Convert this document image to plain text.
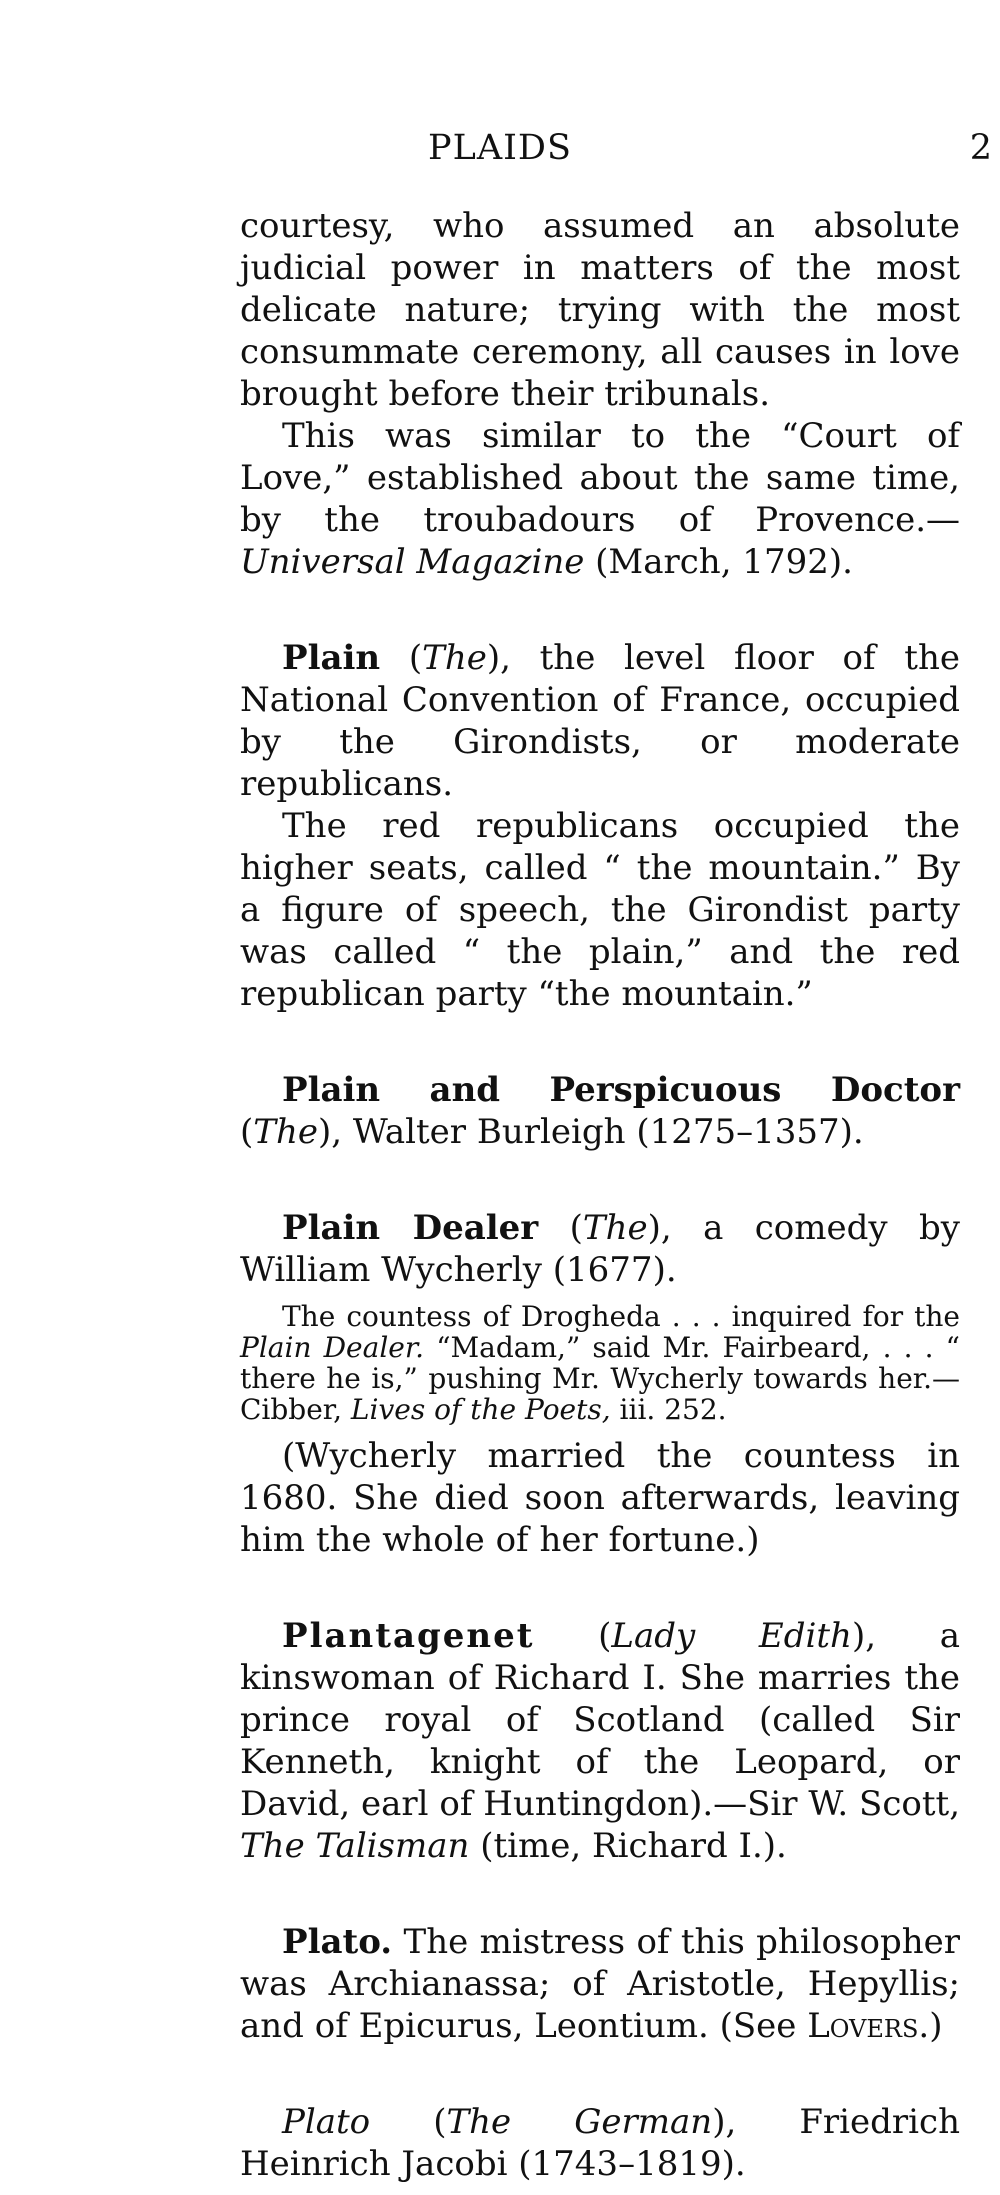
PLAIDS	2

courtesy, who assumed an absolute judicial power in matters of the most delicate nature; trying with the most consummate ceremony, all causes in love brought before their tribunals.

This was similar to the “Court of Love,” established about the same time, by the troubadours of Provence.—Universal Magazine (March, 1792).

Plain (The), the level floor of the National Convention of France, occupied by the Girondists, or moderate republicans.

The red republicans occupied the higher seats, called “ the mountain.” By a figure of speech, the Girondist party was called “ the plain,” and the red republican party “the mountain.”

Plain and Perspicuous Doctor (The), Walter Burleigh (1275–1357).

Plain Dealer (The), a comedy by William Wycherly (1677).

The countess of Drogheda . . . inquired for the Plain Dealer. “Madam,” said Mr. Fairbeard, . . . “ there he is,” pushing Mr. Wycherly towards her.—Cibber, Lives of the Poets, iii. 252.

(Wycherly married the countess in 1680. She died soon afterwards, leaving him the whole of her fortune.)

Plantagenet (Lady Edith), a kinswoman of Richard I. She marries the prince royal of Scotland (called Sir Kenneth, knight of the Leopard, or David, earl of Huntingdon).—Sir W. Scott, The Talisman (time, Richard I.).

Plato. The mistress of this philosopher was Archianassa; of Aristotle, Hepyllis; and of Epicurus, Leontium. (See Lovers.)

Plato (The German), Friedrich Heinrich Jacobi (1743–1819).
